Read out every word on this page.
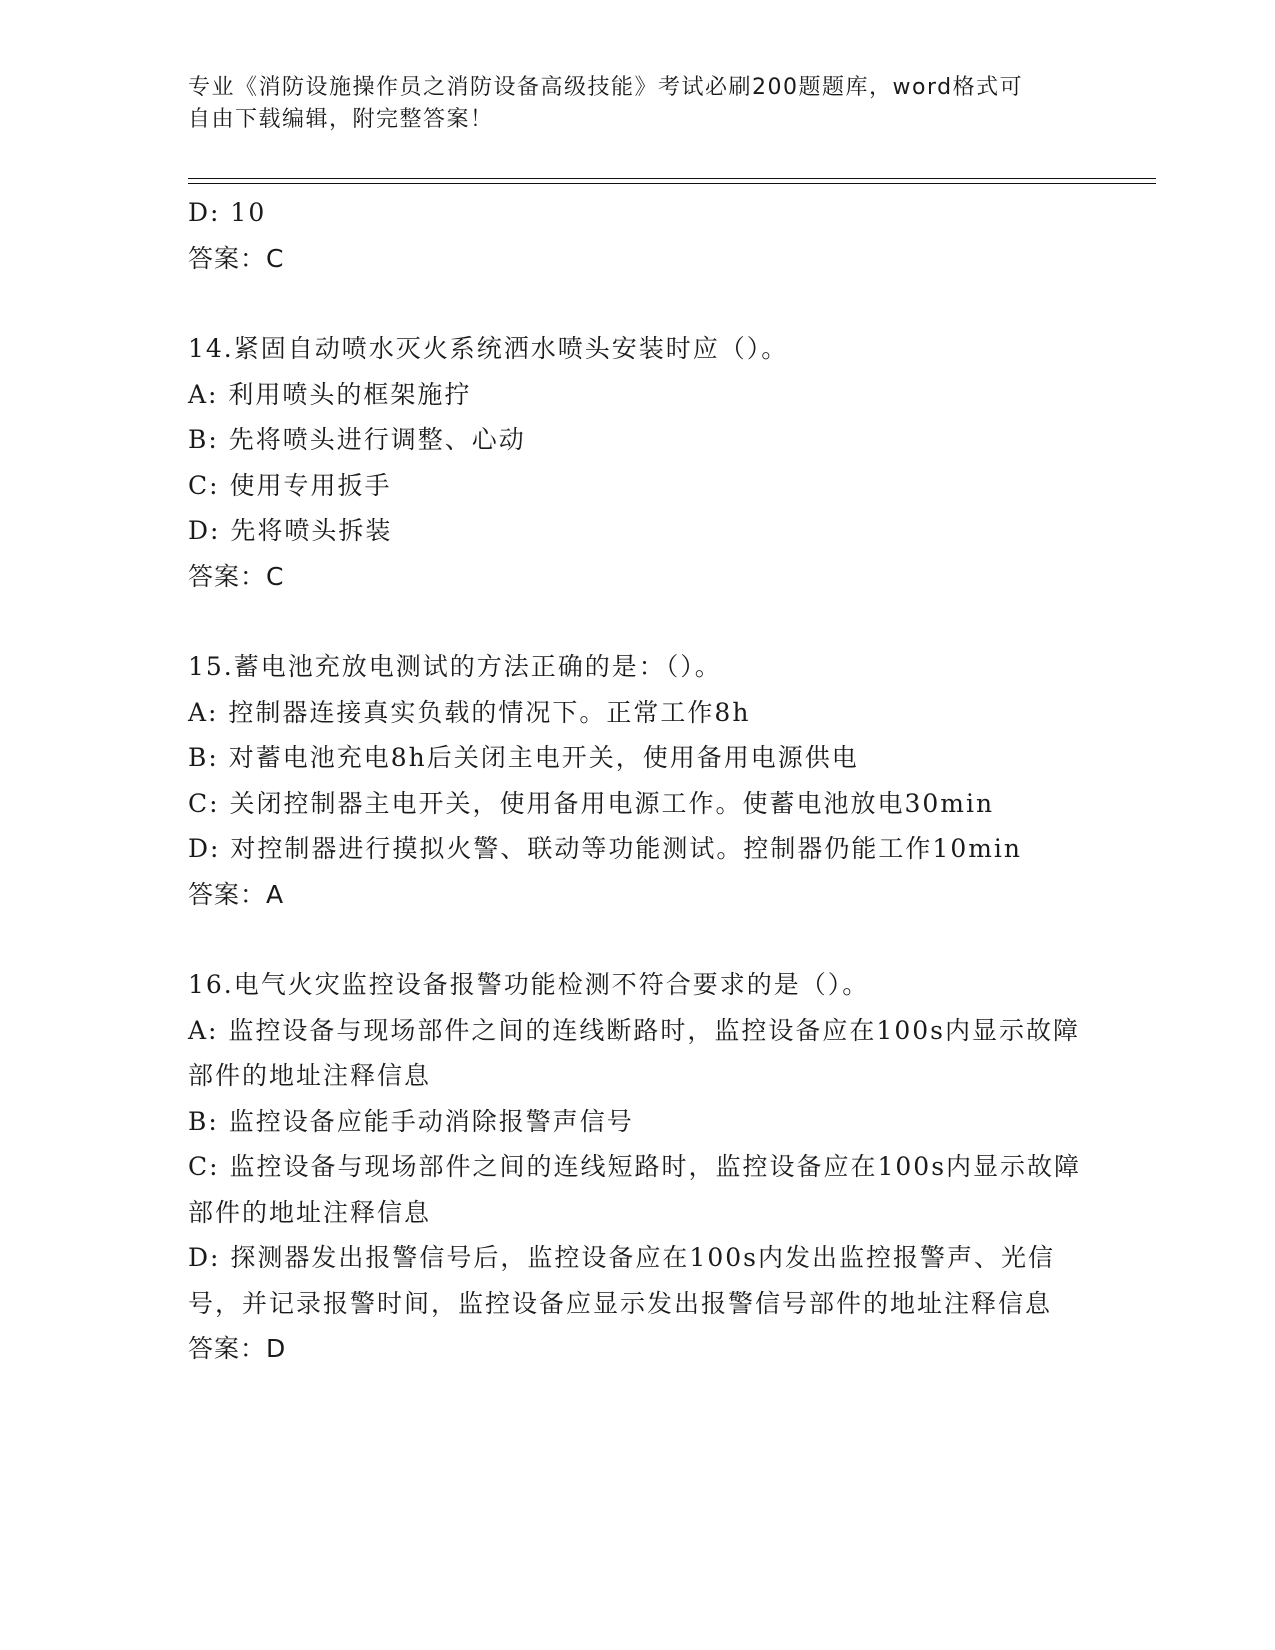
专业《消防设施操作员之消防设备高级技能》考试必刷200题题库，word格式可
自由下载编辑，附完整答案！
D: 10
答案：C
14.紧固自动喷水灭火系统洒水喷头安装时应（）。
A: 利用喷头的框架施拧
B: 先将喷头进行调整、心动
C: 使用专用扳手
D: 先将喷头拆装
答案：C
15.蓄电池充放电测试的方法正确的是：（）。
A: 控制器连接真实负载的情况下。正常工作8h
B: 对蓄电池充电8h后关闭主电开关，使用备用电源供电
C: 关闭控制器主电开关，使用备用电源工作。使蓄电池放电30min
D: 对控制器进行摸拟火警、联动等功能测试。控制器仍能工作10min
答案：A
16.电气火灾监控设备报警功能检测不符合要求的是（）。
A: 监控设备与现场部件之间的连线断路时，监控设备应在100s内显示故障部件的地址注释信息
B: 监控设备应能手动消除报警声信号
C: 监控设备与现场部件之间的连线短路时，监控设备应在100s内显示故障部件的地址注释信息
D: 探测器发出报警信号后，监控设备应在100s内发出监控报警声、光信号，并记录报警时间，监控设备应显示发出报警信号部件的地址注释信息
答案：D
